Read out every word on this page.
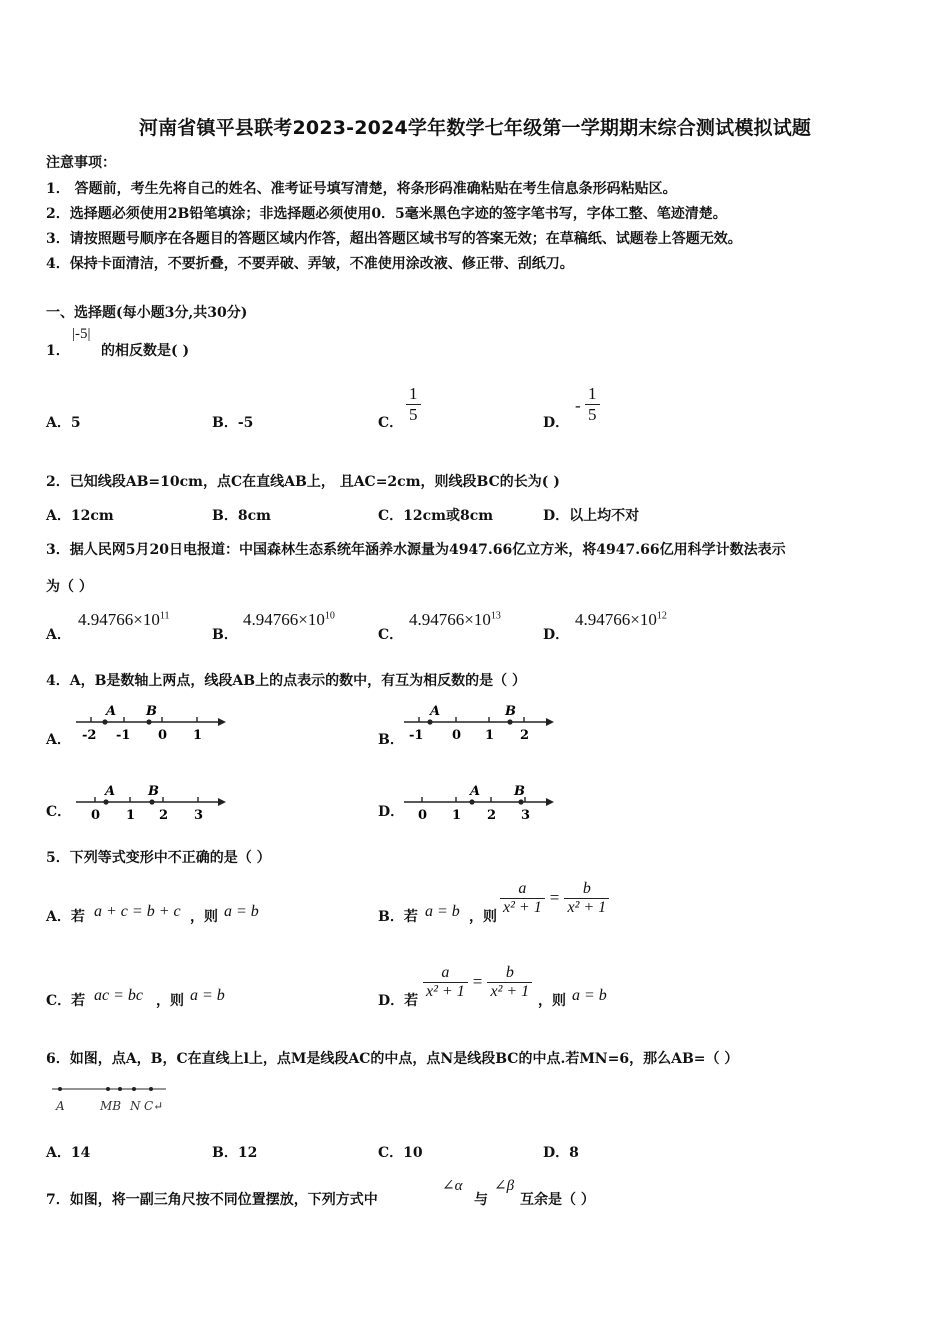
河南省镇平县联考2023-2024学年数学七年级第一学期期末综合测试模拟试题
注意事项：
1． 答题前，考生先将自己的姓名、准考证号填写清楚，将条形码准确粘贴在考生信息条形码粘贴区。
2．选择题必须使用2B铅笔填涂；非选择题必须使用0．5毫米黑色字迹的签字笔书写，字体工整、笔迹清楚。
3．请按照题号顺序在各题目的答题区域内作答，超出答题区域书写的答案无效；在草稿纸、试题卷上答题无效。
4．保持卡面清洁，不要折叠，不要弄破、弄皱，不准使用涂改液、修正带、刮纸刀。
一、选择题(每小题3分,共30分)
1．
|-5|
的相反数是( )
A．5	B．-5	C． $\frac{1}{5}$	D．
- $\frac{1}{5}$
2．已知线段AB=10cm，点C在直线AB上， 且AC=2cm，则线段BC的长为( )
A．12cm	B．8cm	C．12cm或8cm	D．以上均不对
3．据人民网5月20日电报道：中国森林生态系统年涵养水源量为4947.66亿立方米，将4947.66亿用科学计数法表示
为（ ）
A．
$4.94766\times 10^{11}$
B．
$4.94766\times 10^{10}$
C．
$4.94766\times 10^{13}$
D．
$4.94766\times 10^{12}$
4．A，B是数轴上两点，线段AB上的点表示的数中，有互为相反数的是（ ）
A．
A B
-2 -1 0 1	B．
A	B
-1 0 1 2
C．
A	B
0 1 2 3	D．
A	B
0 1 2 3
5．下列等式变形中不正确的是（ ）
A．若 a + c = b + c ，则 a = b	B．若 a = b ，则 $\frac{a}{\text{x² + 1}} = \frac{b}{\text{x² + 1}}$
C．若 ac = bc ，则 a = b	D．若 $\frac{a}{\text{x² + 1}} = \frac{b}{\text{x² + 1}}$ ，则 a = b
6．如图，点A，B，C在直线上l上，点M是线段AC的中点，点N是线段BC的中点.若MN=6，那么AB=（ ）
A	MB N C↵
A．14	B．12	C．10	D．8
7．如图，将一副三角尺按不同位置摆放，下列方式中
∠α
与
∠β
互余是（ ）
